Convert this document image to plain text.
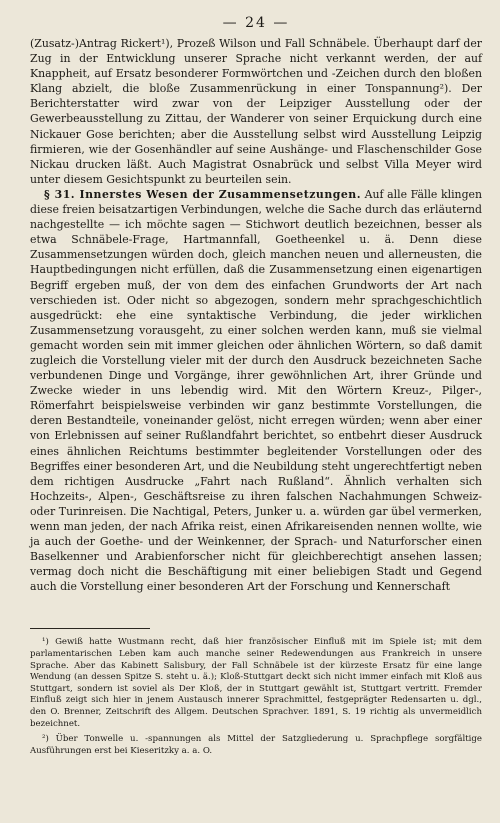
— 24 —

(Zusatz-)Antrag Rickert¹), Prozeß Wilson und Fall Schnäbele. Überhaupt darf der Zug in der Entwicklung unserer Sprache nicht verkannt werden, der auf Knappheit, auf Ersatz besonderer Formwörtchen und -Zeichen durch den bloßen Klang abzielt, die bloße Zusammenrückung in einer Tonspannung²). Der Berichterstatter wird zwar von der Leipziger Ausstellung oder der Gewerbeausstellung zu Zittau, der Wanderer von seiner Erquickung durch eine Nickauer Gose berichten; aber die Ausstellung selbst wird Ausstellung Leipzig firmieren, wie der Gosenhändler auf seine Aushänge- und Flaschenschilder Gose Nickau drucken läßt. Auch Magistrat Osnabrück und selbst Villa Meyer wird unter diesem Gesichtspunkt zu beurteilen sein.

§ 31. Innerstes Wesen der Zusammensetzungen. Auf alle Fälle klingen diese freien beisatzartigen Verbindungen, welche die Sache durch das erläuternd nachgestellte — ich möchte sagen — Stichwort deutlich bezeichnen, besser als etwa Schnäbele-Frage, Hartmannfall, Goetheenkel u. ä. Denn diese Zusammensetzungen würden doch, gleich manchen neuen und allerneusten, die Hauptbedingungen nicht erfüllen, daß die Zusammensetzung einen eigenartigen Begriff ergeben muß, der von dem des einfachen Grundworts der Art nach verschieden ist. Oder nicht so abgezogen, sondern mehr sprachgeschichtlich ausgedrückt: ehe eine syntaktische Verbindung, die jeder wirklichen Zusammensetzung vorausgeht, zu einer solchen werden kann, muß sie vielmal gemacht worden sein mit immer gleichen oder ähnlichen Wörtern, so daß damit zugleich die Vorstellung vieler mit der durch den Ausdruck bezeichneten Sache verbundenen Dinge und Vorgänge, ihrer gewöhnlichen Art, ihrer Gründe und Zwecke wieder in uns lebendig wird. Mit den Wörtern Kreuz-, Pilger-, Römerfahrt beispielsweise verbinden wir ganz bestimmte Vorstellungen, die deren Bestandteile, voneinander gelöst, nicht erregen würden; wenn aber einer von Erlebnissen auf seiner Rußlandfahrt berichtet, so entbehrt dieser Ausdruck eines ähnlichen Reichtums bestimmter begleitender Vorstellungen oder des Begriffes einer besonderen Art, und die Neubildung steht ungerechtfertigt neben dem richtigen Ausdrucke „Fahrt nach Rußland“. Ähnlich verhalten sich Hochzeits-, Alpen-, Geschäftsreise zu ihren falschen Nachahmungen Schweiz- oder Turinreisen. Die Nachtigal, Peters, Junker u. a. würden gar übel vermerken, wenn man jeden, der nach Afrika reist, einen Afrikareisenden nennen wollte, wie ja auch der Goethe- und der Weinkenner, der Sprach- und Naturforscher einen Baselkenner und Arabienforscher nicht für gleichberechtigt ansehen lassen; vermag doch nicht die Beschäftigung mit einer beliebigen Stadt und Gegend auch die Vorstellung einer besonderen Art der Forschung und Kennerschaft

¹) Gewiß hatte Wustmann recht, daß hier französischer Einfluß mit im Spiele ist; mit dem parlamentarischen Leben kam auch manche seiner Redewendungen aus Frankreich in unsere Sprache. Aber das Kabinett Salisbury, der Fall Schnäbele ist der kürzeste Ersatz für eine lange Wendung (an dessen Spitze S. steht u. ä.); Kloß-Stuttgart deckt sich nicht immer einfach mit Kloß aus Stuttgart, sondern ist soviel als Der Kloß, der in Stuttgart gewählt ist, Stuttgart vertritt. Fremder Einfluß zeigt sich hier in jenem Austausch innerer Sprachmittel, festgeprägter Redensarten u. dgl., den O. Brenner, Zeitschrift des Allgem. Deutschen Sprachver. 1891, S. 19 richtig als unvermeidlich bezeichnet.

²) Über Tonwelle u. -spannungen als Mittel der Satzgliederung u. Sprachpflege sorgfältige Ausführungen erst bei Kieseritzky a. a. O.
